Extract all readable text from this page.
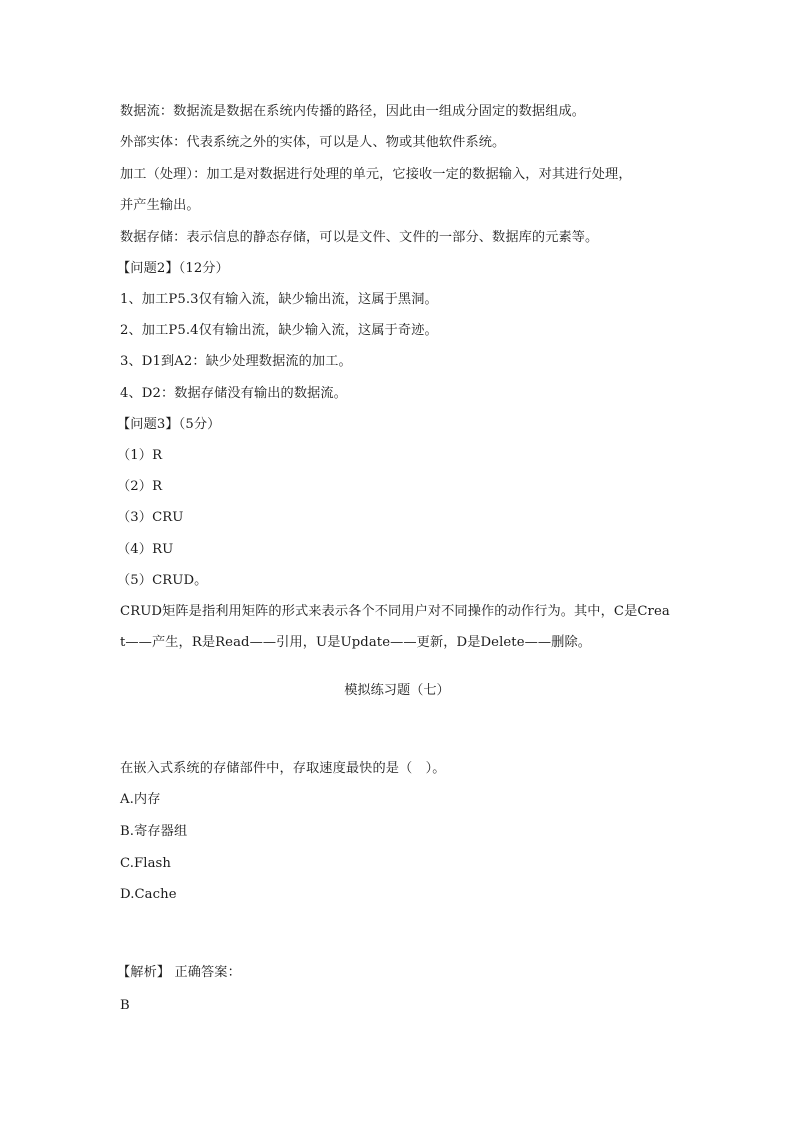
数据流：数据流是数据在系统内传播的路径，因此由一组成分固定的数据组成。
外部实体：代表系统之外的实体，可以是人、物或其他软件系统。
加工（处理）：加工是对数据进行处理的单元，它接收一定的数据输入，对其进行处理，
并产生输出。
数据存储：表示信息的静态存储，可以是文件、文件的一部分、数据库的元素等。
【问题2】（12分）
1、加工P5.3仅有输入流，缺少输出流，这属于黑洞。
2、加工P5.4仅有输出流，缺少输入流，这属于奇迹。
3、D1到A2：缺少处理数据流的加工。
4、D2：数据存储没有输出的数据流。
【问题3】（5分）
（1）R
（2）R
（3）CRU
（4）RU
（5）CRUD。
CRUD矩阵是指利用矩阵的形式来表示各个不同用户对不同操作的动作行为。其中，C是Crea
t——产生，R是Read——引用，U是Update——更新，D是Delete——删除。
模拟练习题（七）
在嵌入式系统的存储部件中，存取速度最快的是（　）。
A.内存
B.寄存器组
C.Flash
D.Cache
【解析】 正确答案：
B
